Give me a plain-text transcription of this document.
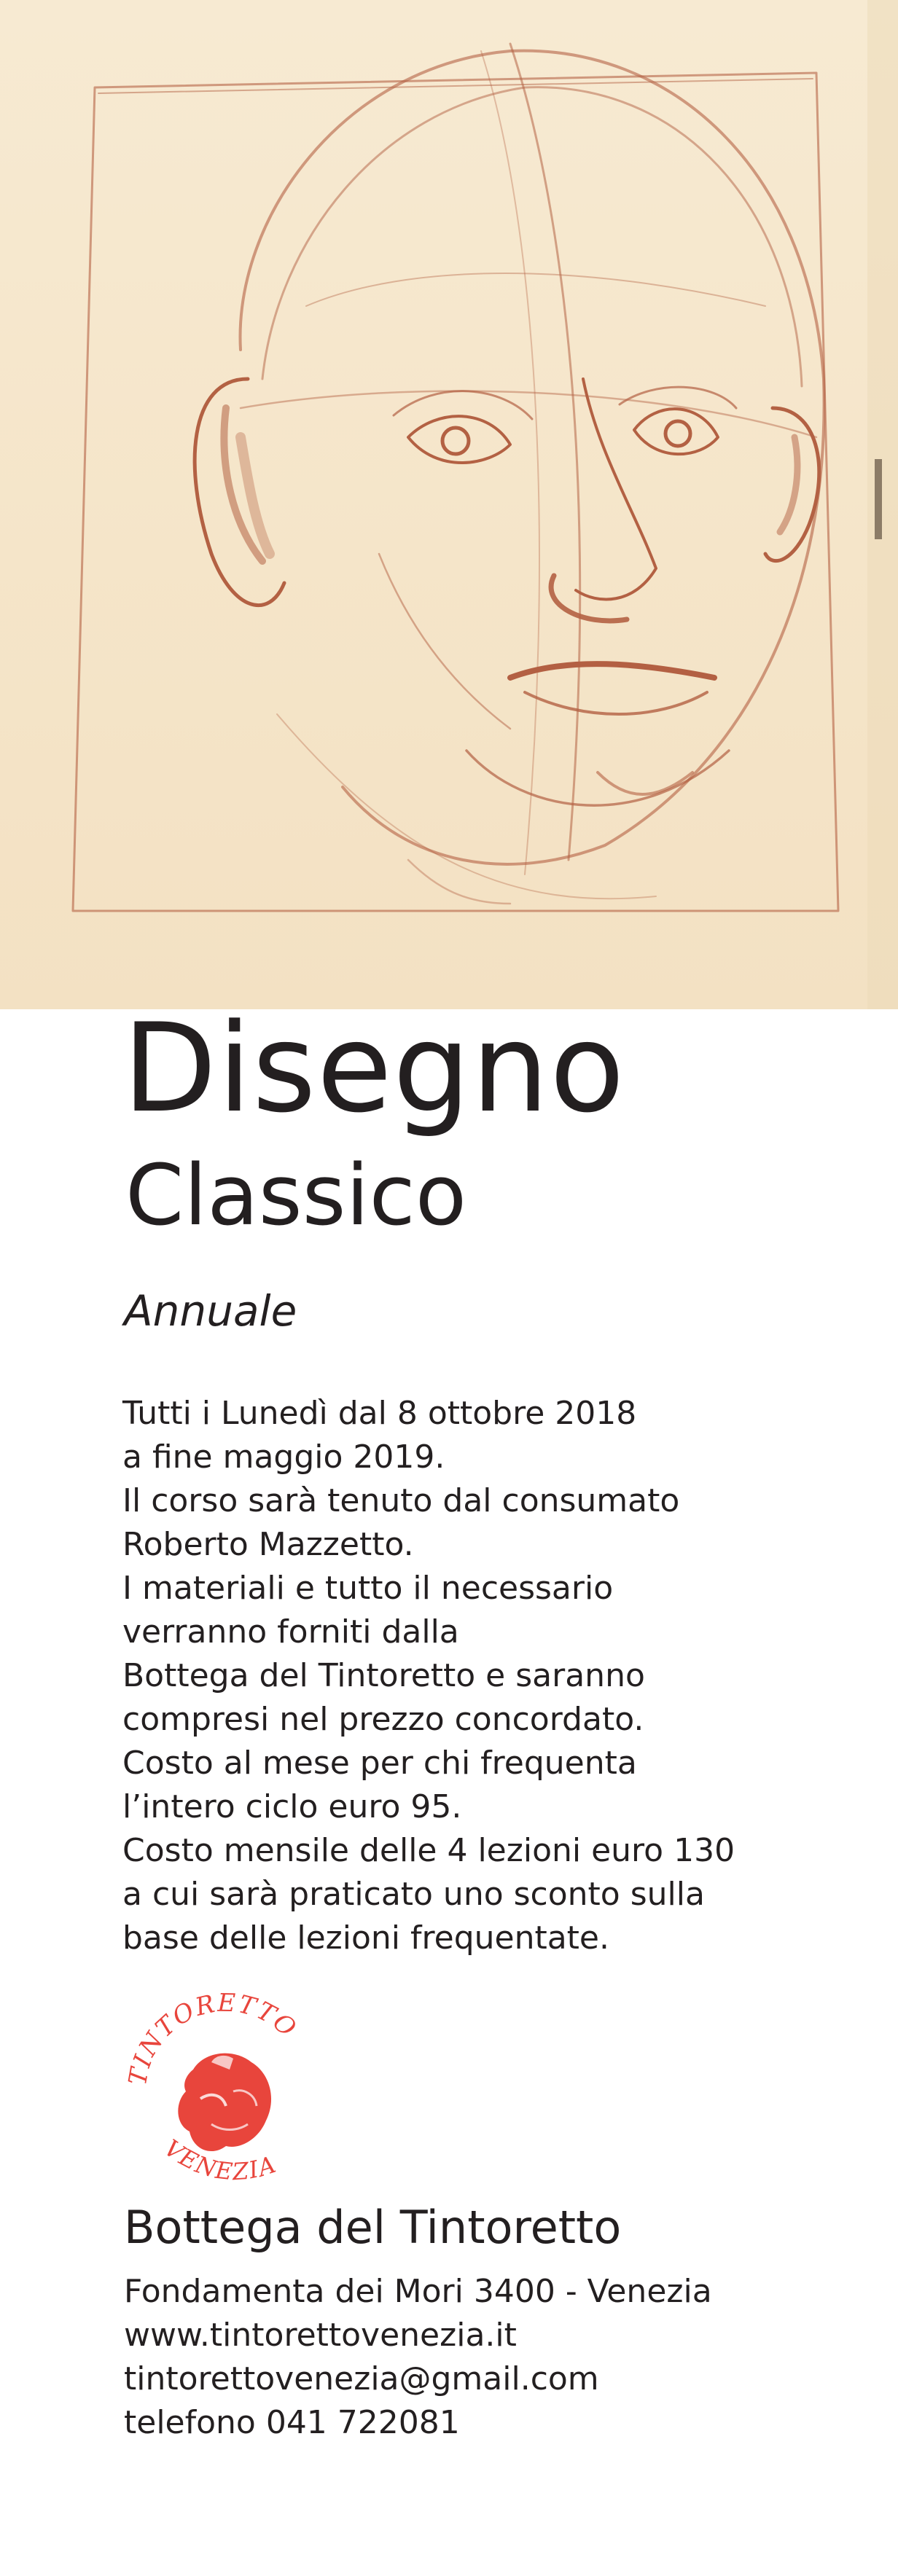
Disegno
Classico
Annuale
Tutti i Lunedì dal 8 ottobre 2018
a fine maggio 2019.
Il corso sarà tenuto dal consumato
Roberto Mazzetto.
I materiali e tutto il necessario
verranno forniti dalla
Bottega del Tintoretto e saranno
compresi nel prezzo concordato.
Costo al mese per chi frequenta
l’intero ciclo euro 95.
Costo mensile delle 4 lezioni euro 130
a cui sarà praticato uno sconto sulla
base delle lezioni frequentate.
TINTORETTO
VENEZIA
Bottega del Tintoretto
Fondamenta dei Mori 3400 - Venezia
www.tintorettovenezia.it
tintorettovenezia@gmail.com
telefono 041 722081
